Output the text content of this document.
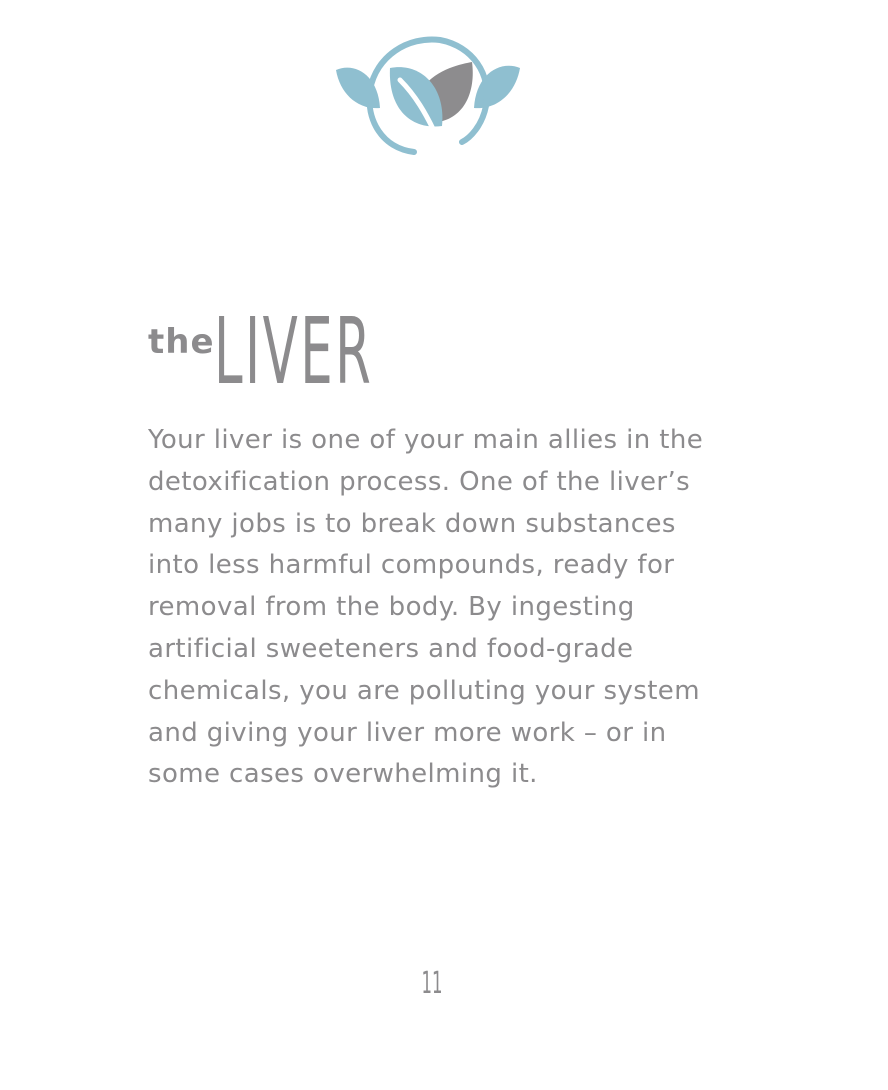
the LIVER
Your liver is one of your main allies in the
detoxification process. One of the liver’s
many jobs is to break down substances
into less harmful compounds, ready for
removal from the body. By ingesting
artificial sweeteners and food-grade
chemicals, you are polluting your system
and giving your liver more work – or in
some cases overwhelming it.
11
